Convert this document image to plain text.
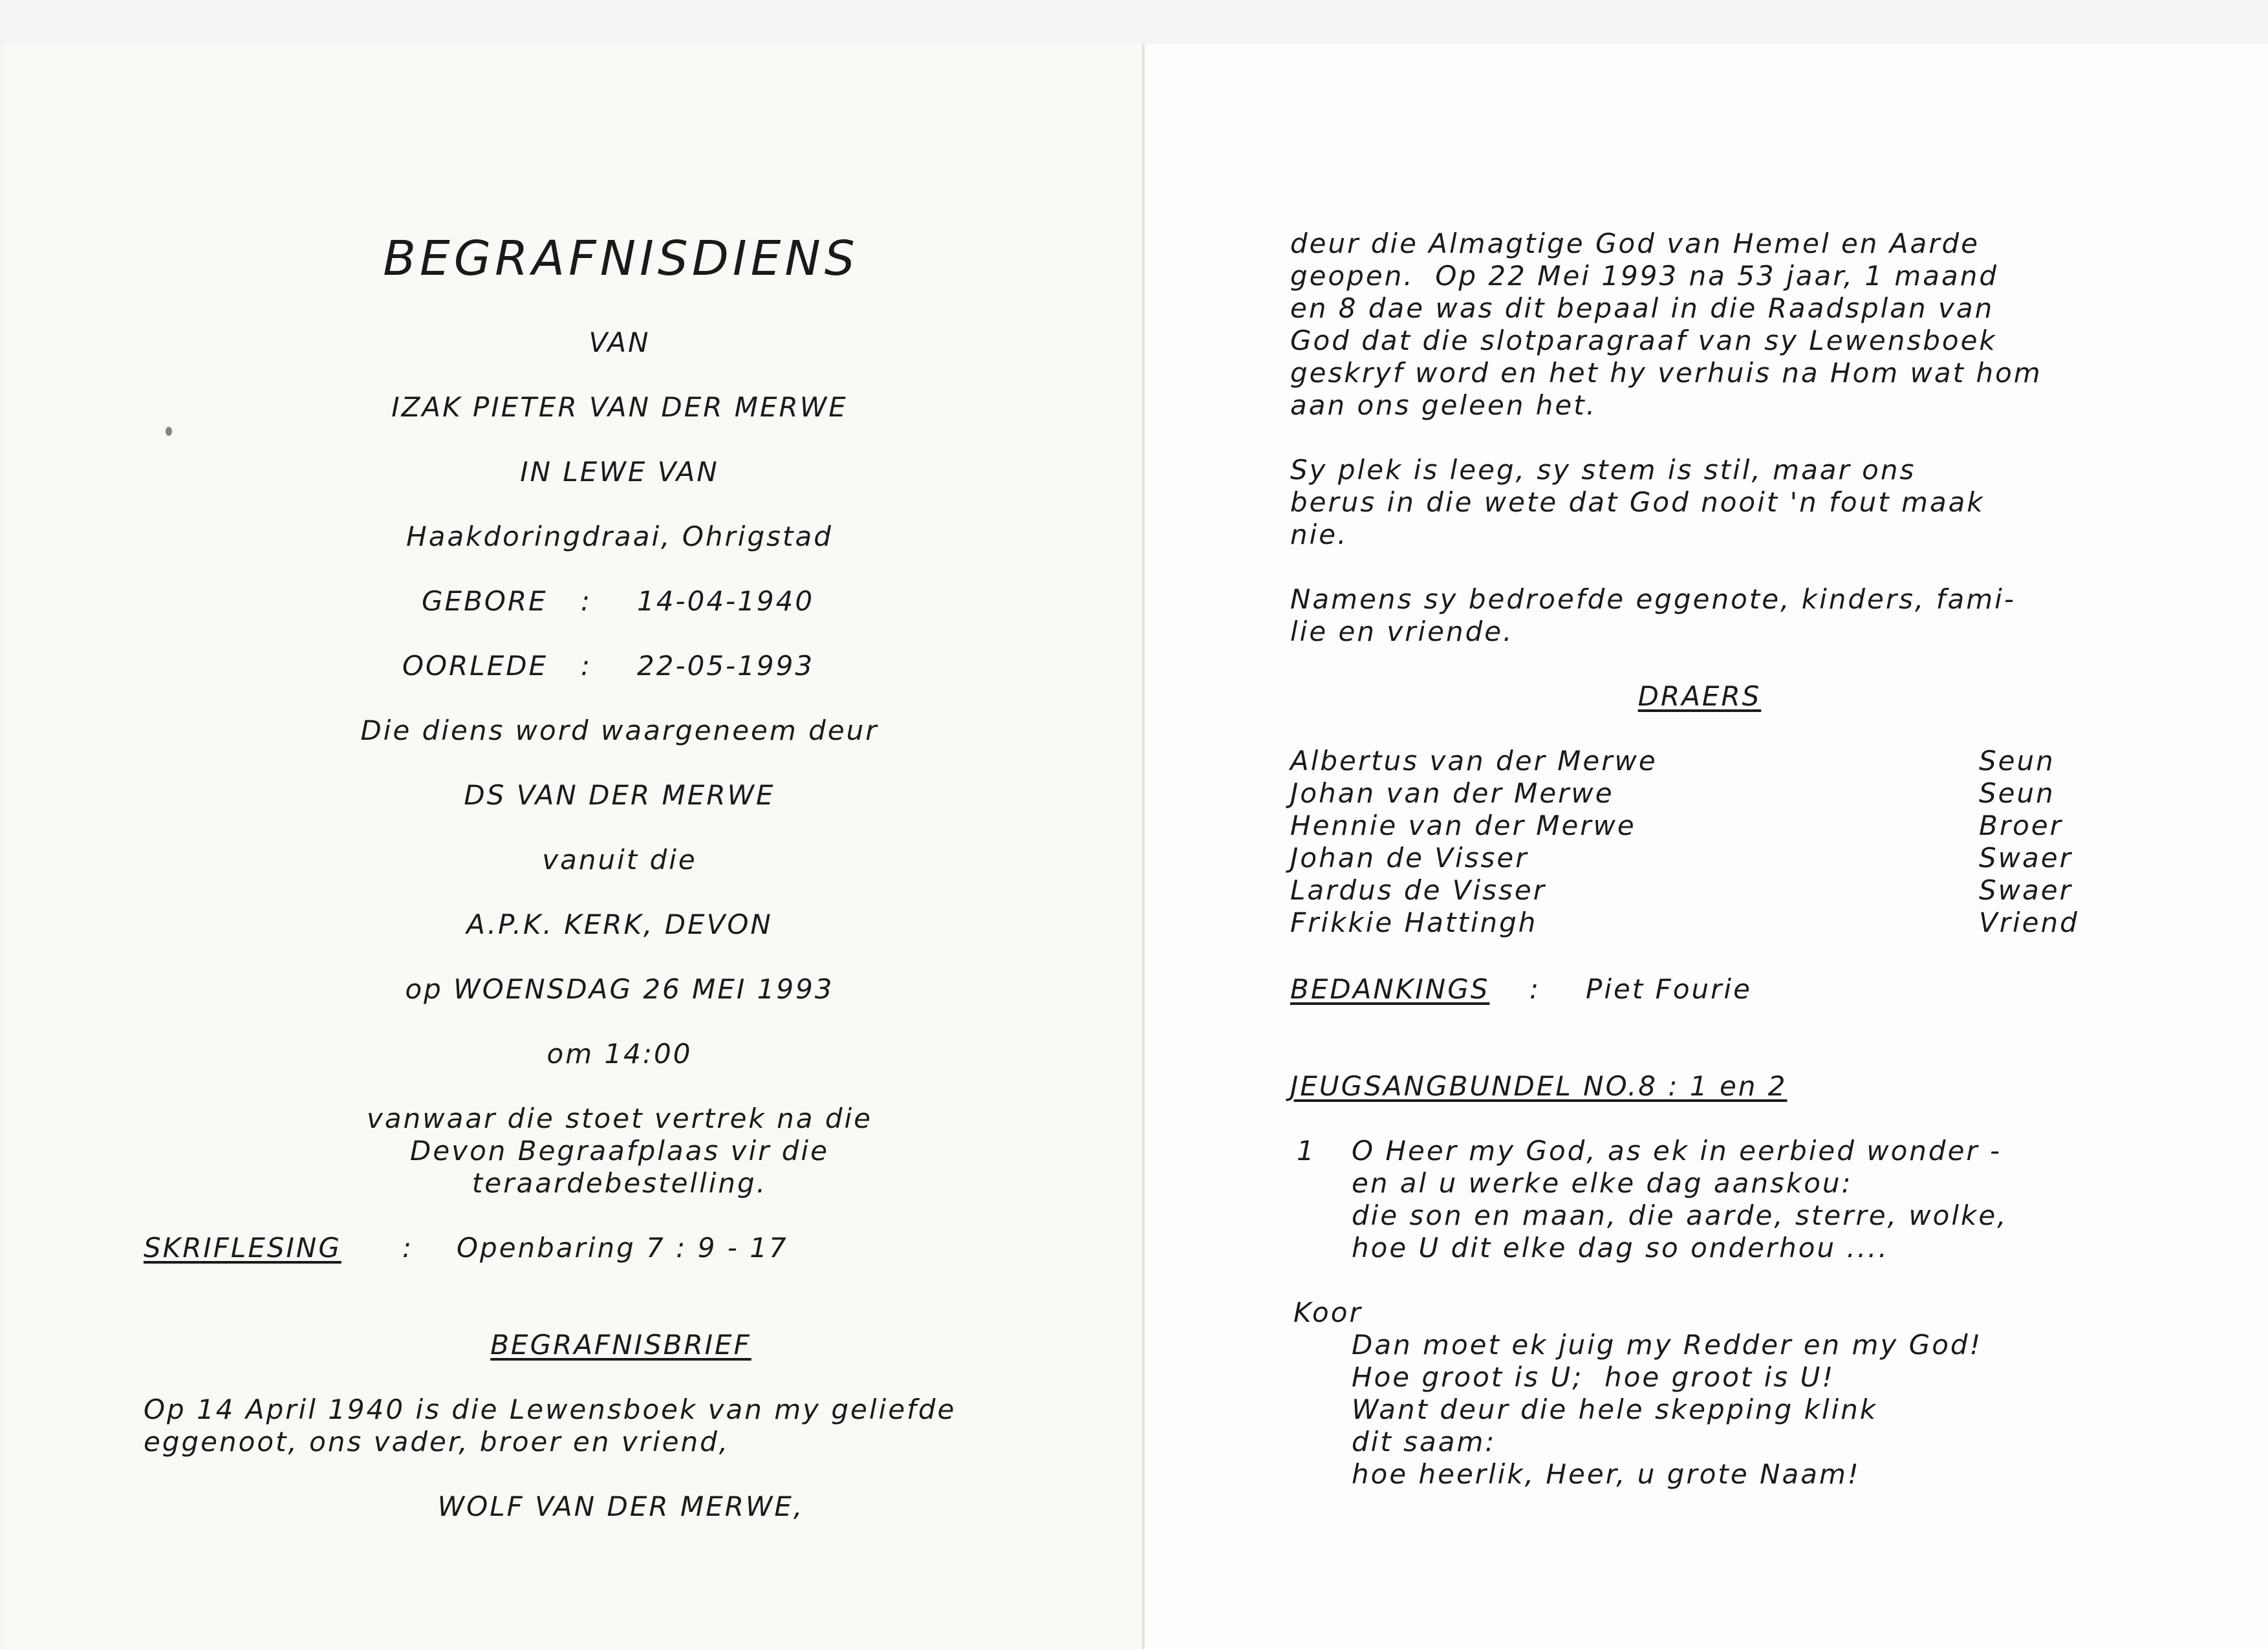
BEGRAFNISDIENS
VAN
IZAK PIETER VAN DER MERWE
IN LEWE VAN
Haakdoringdraai, Ohrigstad
GEBORE : 14-04-1940
OORLEDE : 22-05-1993
Die diens word waargeneem deur
DS VAN DER MERWE
vanuit die
A.P.K. KERK, DEVON
op WOENSDAG 26 MEI 1993
om 14:00
vanwaar die stoet vertrek na die
Devon Begraafplaas vir die
teraardebestelling.
SKRIFLESING : Openbaring 7 : 9 - 17
BEGRAFNISBRIEF
Op 14 April 1940 is die Lewensboek van my geliefde
eggenoot, ons vader, broer en vriend,
WOLF VAN DER MERWE,
deur die Almagtige God van Hemel en Aarde
geopen.  Op 22 Mei 1993 na 53 jaar, 1 maand
en 8 dae was dit bepaal in die Raadsplan van
God dat die slotparagraaf van sy Lewensboek
geskryf word en het hy verhuis na Hom wat hom
aan ons geleen het.
Sy plek is leeg, sy stem is stil, maar ons
berus in die wete dat God nooit 'n fout maak
nie.
Namens sy bedroefde eggenote, kinders, fami-
lie en vriende.
DRAERS
Albertus van der Merwe	Seun
Johan van der Merwe	Seun
Hennie van der Merwe	Broer
Johan de Visser	Swaer
Lardus de Visser	Swaer
Frikkie Hattingh	Vriend
BEDANKINGS : Piet Fourie
JEUGSANGBUNDEL NO.8 : 1 en 2
1 O Heer my God, as ek in eerbied wonder -
en al u werke elke dag aanskou:
die son en maan, die aarde, sterre, wolke,
hoe U dit elke dag so onderhou ....
Koor
Dan moet ek juig my Redder en my God!
Hoe groot is U;  hoe groot is U!
Want deur die hele skepping klink
dit saam:
hoe heerlik, Heer, u grote Naam!
